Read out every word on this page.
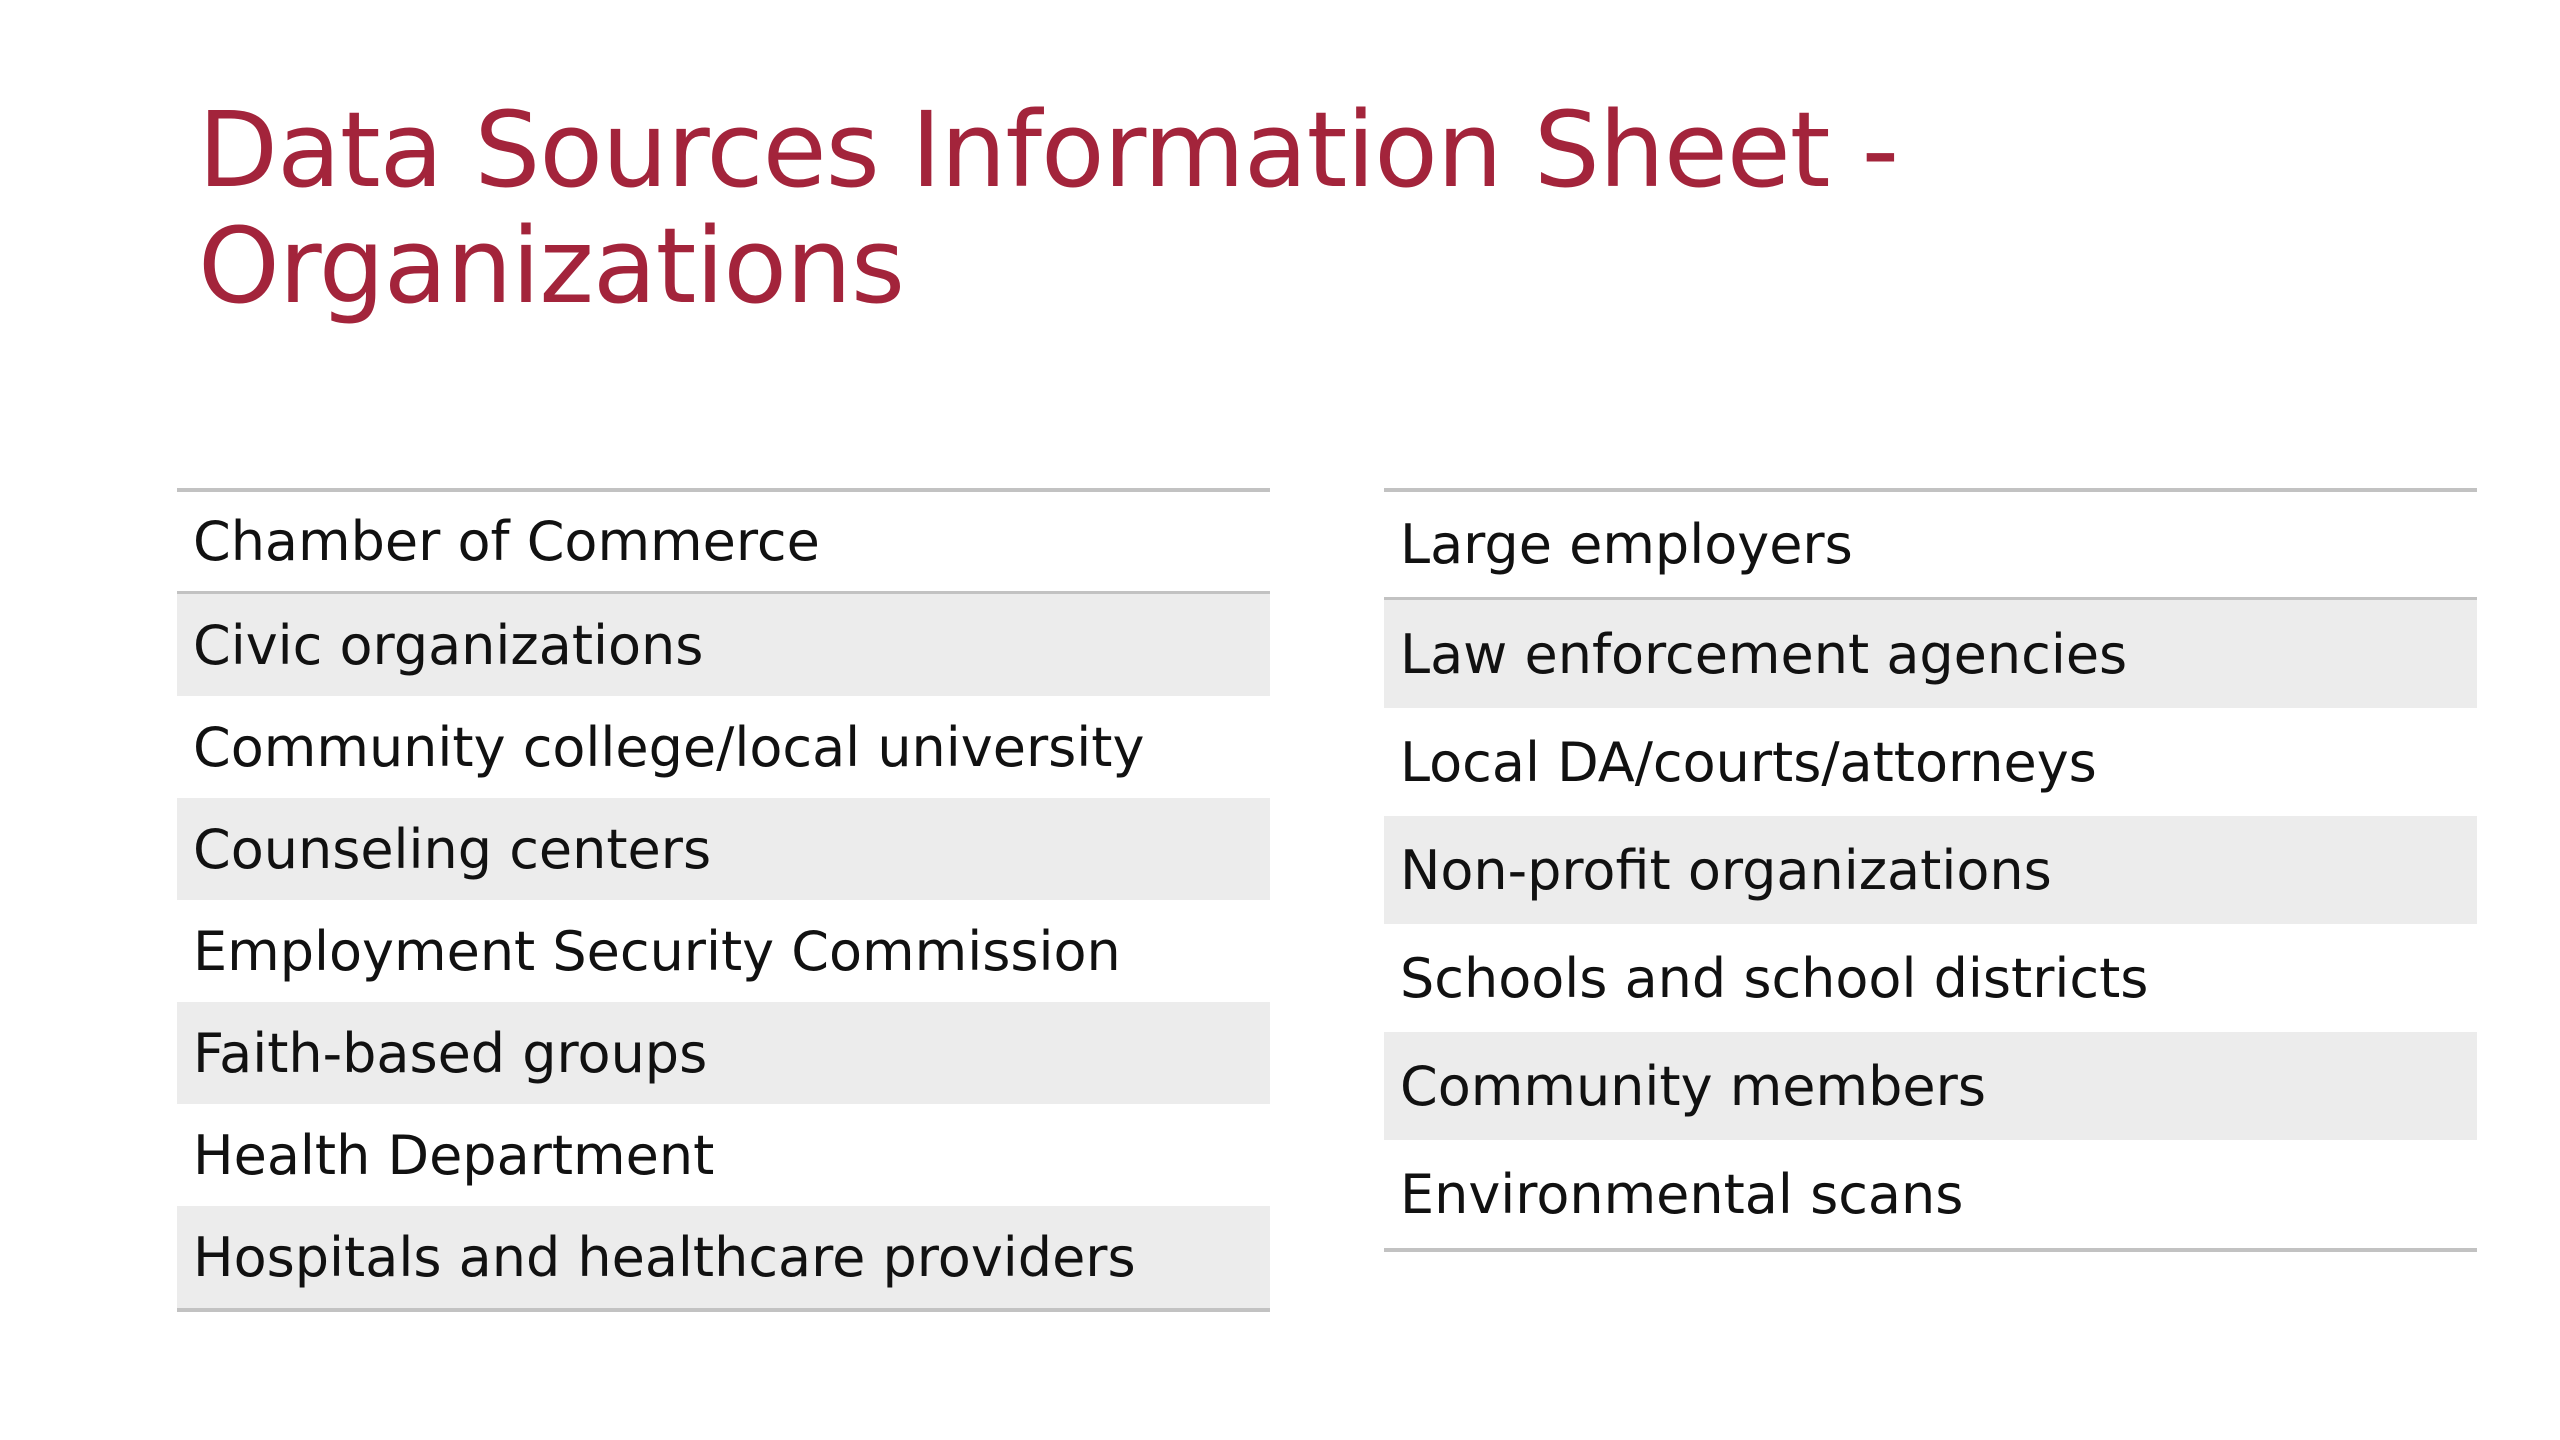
Data Sources Information Sheet -
Organizations
Chamber of Commerce
Civic organizations
Community college/local university
Counseling centers
Employment Security Commission
Faith-based groups
Health Department
Hospitals and healthcare providers
Large employers
Law enforcement agencies
Local DA/courts/attorneys
Non-profit organizations
Schools and school districts
Community members
Environmental scans
